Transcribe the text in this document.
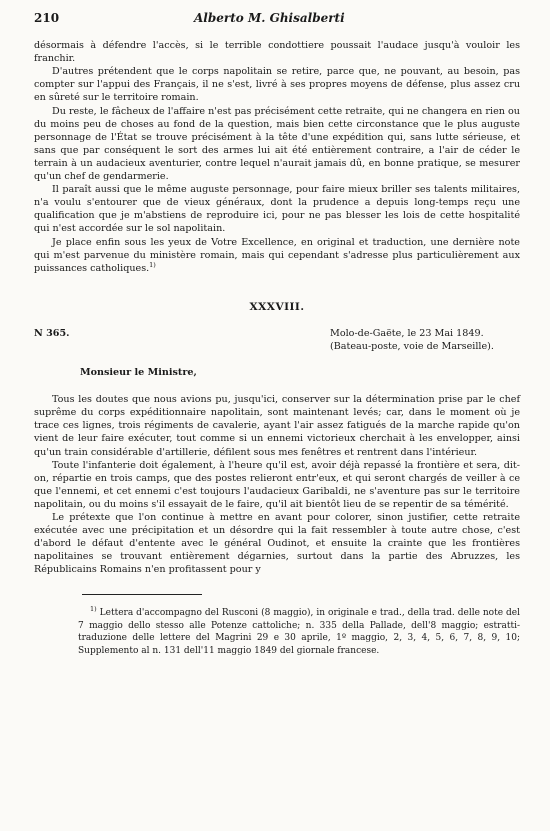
210	Alberto M. Ghisalberti

désormais à défendre l'accès, si le terrible condottiere poussait l'audace jusqu'à vouloir les franchir.

D'autres prétendent que le corps napolitain se retire, parce que, ne pouvant, au besoin, pas compter sur l'appui des Français, il ne s'est, livré à ses propres moyens de défense, plus assez cru en sûreté sur le territoire romain.

Du reste, le fâcheux de l'affaire n'est pas précisément cette retraite, qui ne changera en rien ou du moins peu de choses au fond de la question, mais bien cette circonstance que le plus auguste personnage de l'État se trouve précisément à la tête d'une expédition qui, sans lutte sérieuse, et sans que par conséquent le sort des armes lui ait été entièrement contraire, a l'air de céder le terrain à un audacieux aventurier, contre lequel n'aurait jamais dû, en bonne pratique, se mesurer qu'un chef de gendarmerie.

Il paraît aussi que le même auguste personnage, pour faire mieux briller ses talents militaires, n'a voulu s'entourer que de vieux généraux, dont la prudence a depuis long-temps reçu une qualification que je m'abstiens de reproduire ici, pour ne pas blesser les lois de cette hospitalité qui n'est accordée sur le sol napolitain.

Je place enfin sous les yeux de Votre Excellence, en original et traduction, une dernière note qui m'est parvenue du ministère romain, mais qui cependant s'adresse plus particulièrement aux puissances catholiques.$^{1)}$

XXXVIII.
N 365.	Molo-de-Gaëte, le 23 Mai 1849.
(Bateau-poste, voie de Marseille).
Monsieur le Ministre,

Tous les doutes que nous avions pu, jusqu'ici, conserver sur la détermination prise par le chef suprême du corps expéditionnaire napolitain, sont maintenant levés; car, dans le moment où je trace ces lignes, trois régiments de cavalerie, ayant l'air assez fatigués de la marche rapide qu'on vient de leur faire exécuter, tout comme si un ennemi victorieux cherchait à les envelopper, ainsi qu'un train considérable d'artillerie, défilent sous mes fenêtres et rentrent dans l'intérieur.

Toute l'infanterie doit également, à l'heure qu'il est, avoir déjà repassé la frontière et sera, dit-on, répartie en trois camps, que des postes relieront entr'eux, et qui seront chargés de veiller à ce que l'ennemi, et cet ennemi c'est toujours l'audacieux Garibaldi, ne s'aventure pas sur le territoire napolitain, ou du moins s'il essayait de le faire, qu'il ait bientôt lieu de se repentir de sa témérité.

Le prétexte que l'on continue à mettre en avant pour colorer, sinon justifier, cette retraite exécutée avec une précipitation et un désordre qui la fait ressembler à toute autre chose, c'est d'abord le défaut d'entente avec le général Oudinot, et ensuite la crainte que les frontières napolitaines se trouvant entièrement dégarnies, surtout dans la partie des Abruzzes, les Républicains Romains n'en profitassent pour y

$^{1)}$ Lettera d'accompagno del Rusconi (8 maggio), in originale e trad., della trad. delle note del 7 maggio dello stesso alle Potenze cattoliche; n. 335 della Pallade, dell'8 maggio; estratti-traduzione delle lettere del Magrini 29 e 30 aprile, 1º maggio, 2, 3, 4, 5, 6, 7, 8, 9, 10; Supplemento al n. 131 dell'11 maggio 1849 del giornale francese.
